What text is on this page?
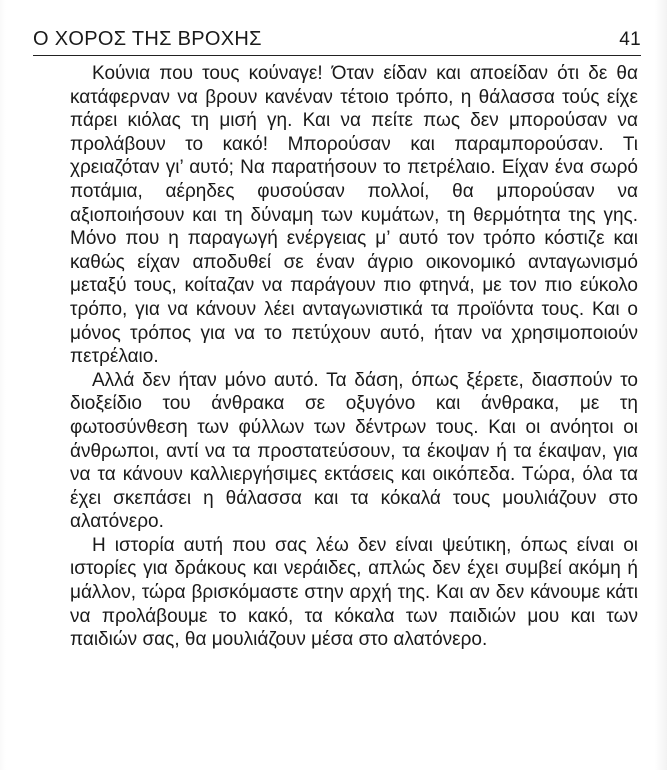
Ο ΧΟΡΟΣ ΤΗΣ ΒΡΟΧΗΣ	41

Κούνια που τους κούναγε! Όταν είδαν και αποείδαν ότι δε θα κατάφερναν να βρουν κανέναν τέτοιο τρόπο, η θάλασσα τούς είχε πάρει κιόλας τη μισή γη. Και να πείτε πως δεν μπορούσαν να προλάβουν το κακό! Μπορούσαν και παραμπορούσαν. Τι χρειαζόταν γι’ αυτό; Να παρατήσουν το πετρέλαιο. Είχαν ένα σωρό ποτάμια, αέρηδες φυσούσαν πολλοί, θα μπορούσαν να αξιοποιήσουν και τη δύναμη των κυμάτων, τη θερμότητα της γης. Μόνο που η παραγωγή ενέργειας μ’ αυτό τον τρόπο κόστιζε και καθώς είχαν αποδυθεί σε έναν άγριο οικονομικό ανταγωνισμό μεταξύ τους, κοίταζαν να παράγουν πιο φτηνά, με τον πιο εύκολο τρόπο, για να κάνουν λέει ανταγωνιστικά τα προϊόντα τους. Και ο μόνος τρόπος για να το πετύχουν αυτό, ήταν να χρησιμοποιούν πετρέλαιο.

Αλλά δεν ήταν μόνο αυτό. Τα δάση, όπως ξέρετε, διασπούν το διοξείδιο του άνθρακα σε οξυγόνο και άνθρακα, με τη φωτοσύνθεση των φύλλων των δέντρων τους. Και οι ανόητοι οι άνθρωποι, αντί να τα προστατεύσουν, τα έκοψαν ή τα έκαψαν, για να τα κάνουν καλλιεργήσιμες εκτάσεις και οικόπεδα. Τώρα, όλα τα έχει σκεπάσει η θάλασσα και τα κόκαλά τους μουλιάζουν στο αλατόνερο.

Η ιστορία αυτή που σας λέω δεν είναι ψεύτικη, όπως είναι οι ιστορίες για δράκους και νεράιδες, απλώς δεν έχει συμβεί ακόμη ή μάλλον, τώρα βρισκόμαστε στην αρχή της. Και αν δεν κάνουμε κάτι να προλάβουμε το κακό, τα κόκαλα των παιδιών μου και των παιδιών σας, θα μουλιάζουν μέσα στο αλατόνερο.
